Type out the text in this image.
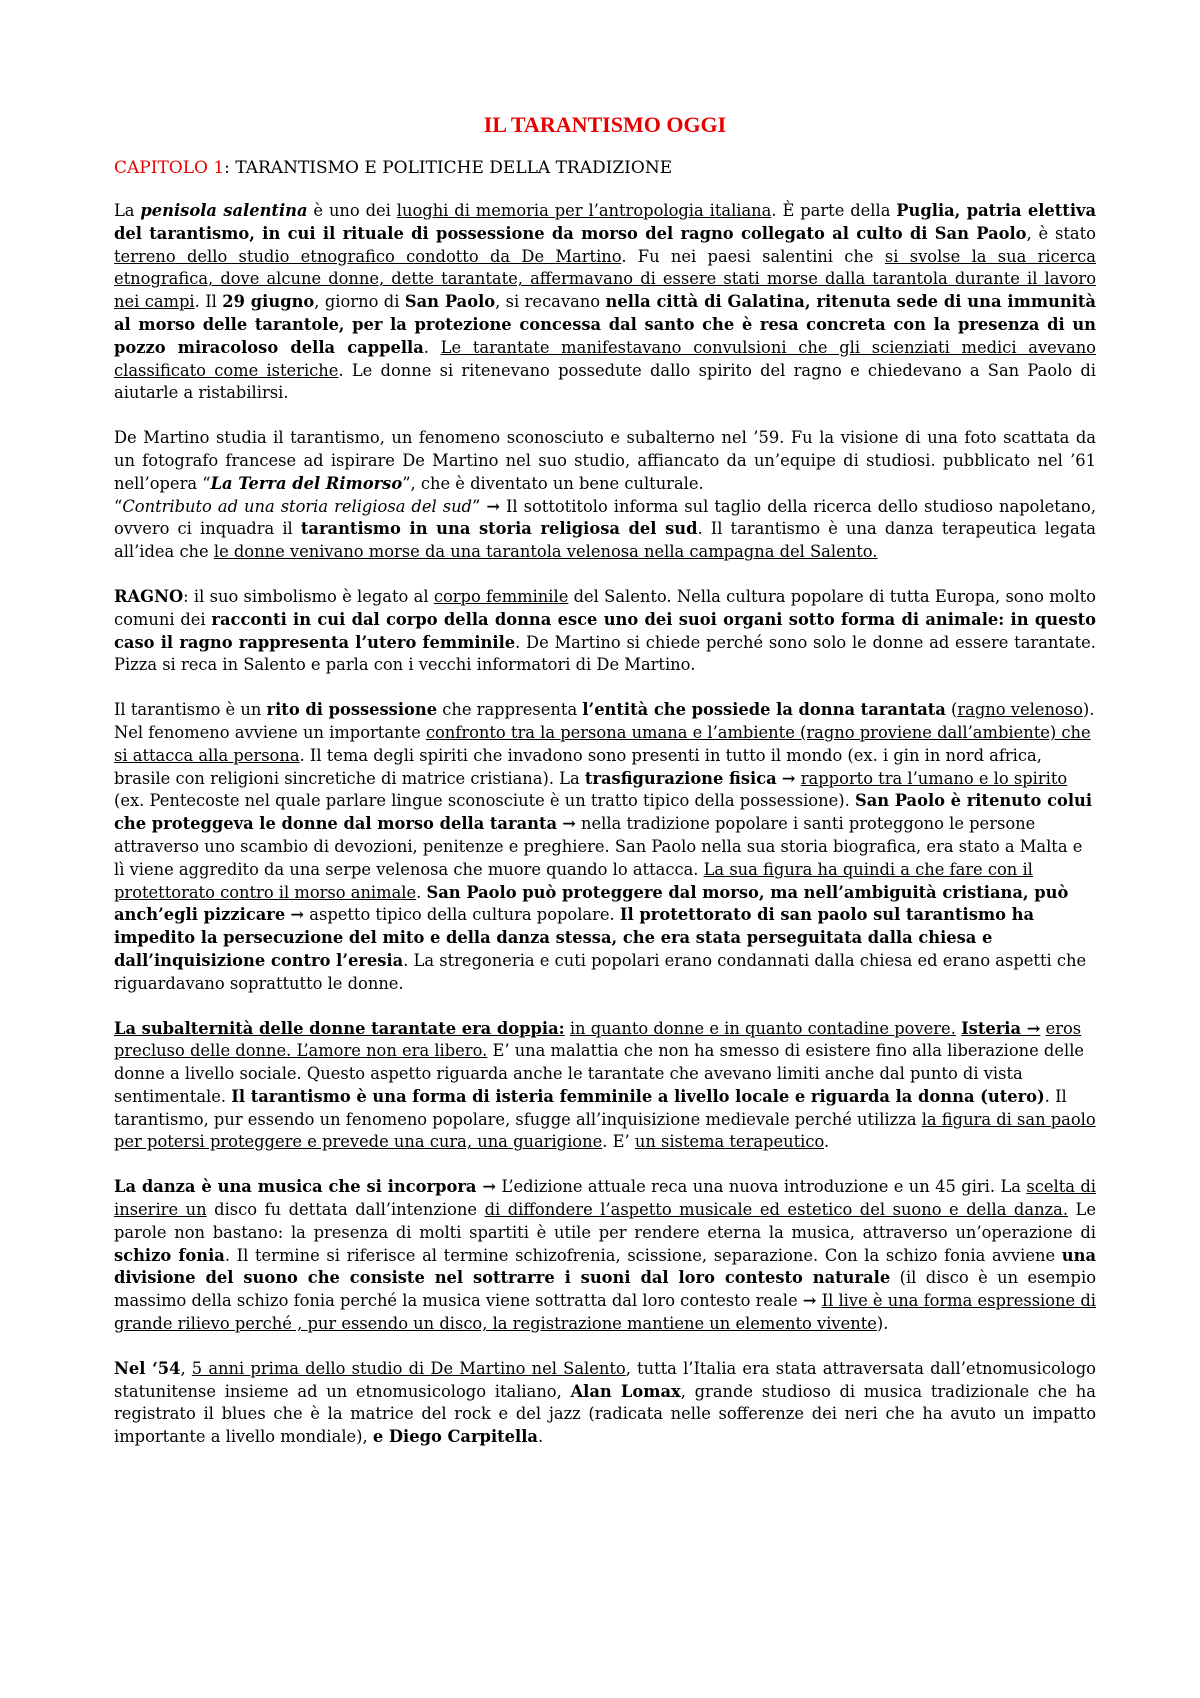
IL TARANTISMO OGGI
CAPITOLO 1: TARANTISMO E POLITICHE DELLA TRADIZIONE

La penisola salentina è uno dei luoghi di memoria per l’antropologia italiana. È parte della Puglia, patria elettiva del tarantismo, in cui il rituale di possessione da morso del ragno collegato al culto di San Paolo, è stato terreno dello studio etnografico condotto da De Martino. Fu nei paesi salentini che si svolse la sua ricerca etnografica, dove alcune donne, dette tarantate, affermavano di essere stati morse dalla tarantola durante il lavoro nei campi. Il 29 giugno, giorno di San Paolo, si recavano nella città di Galatina, ritenuta sede di una immunità al morso delle tarantole, per la protezione concessa dal santo che è resa concreta con la presenza di un pozzo miracoloso della cappella. Le tarantate manifestavano convulsioni che gli scienziati medici avevano classificato come isteriche. Le donne si ritenevano possedute dallo spirito del ragno e chiedevano a San Paolo di aiutarle a ristabilirsi.

De Martino studia il tarantismo, un fenomeno sconosciuto e subalterno nel ’59. Fu la visione di una foto scattata da un fotografo francese ad ispirare De Martino nel suo studio, affiancato da un’equipe di studiosi. pubblicato nel ’61 nell’opera “La Terra del Rimorso”, che è diventato un bene culturale.
“Contributo ad una storia religiosa del sud” → Il sottotitolo informa sul taglio della ricerca dello studioso napoletano, ovvero ci inquadra il tarantismo in una storia religiosa del sud. Il tarantismo è una danza terapeutica legata all’idea che le donne venivano morse da una tarantola velenosa nella campagna del Salento.

RAGNO: il suo simbolismo è legato al corpo femminile del Salento. Nella cultura popolare di tutta Europa, sono molto comuni dei racconti in cui dal corpo della donna esce uno dei suoi organi sotto forma di animale: in questo caso il ragno rappresenta l’utero femminile. De Martino si chiede perché sono solo le donne ad essere tarantate. Pizza si reca in Salento e parla con i vecchi informatori di De Martino.

Il tarantismo è un rito di possessione che rappresenta l’entità che possiede la donna tarantata (ragno velenoso). Nel fenomeno avviene un importante confronto tra la persona umana e l’ambiente (ragno proviene dall’ambiente) che si attacca alla persona. Il tema degli spiriti che invadono sono presenti in tutto il mondo (ex. i gin in nord africa, brasile con religioni sincretiche di matrice cristiana). La trasfigurazione fisica → rapporto tra l’umano e lo spirito (ex. Pentecoste nel quale parlare lingue sconosciute è un tratto tipico della possessione). San Paolo è ritenuto colui che proteggeva le donne dal morso della taranta → nella tradizione popolare i santi proteggono le persone attraverso uno scambio di devozioni, penitenze e preghiere. San Paolo nella sua storia biografica, era stato a Malta e lì viene aggredito da una serpe velenosa che muore quando lo attacca. La sua figura ha quindi a che fare con il protettorato contro il morso animale. San Paolo può proteggere dal morso, ma nell’ambiguità cristiana, può anch’egli pizzicare → aspetto tipico della cultura popolare. Il protettorato di san paolo sul tarantismo ha impedito la persecuzione del mito e della danza stessa, che era stata perseguitata dalla chiesa e dall’inquisizione contro l’eresia. La stregoneria e cuti popolari erano condannati dalla chiesa ed erano aspetti che riguardavano soprattutto le donne.

La subalternità delle donne tarantate era doppia: in quanto donne e in quanto contadine povere. Isteria → eros precluso delle donne. L’amore non era libero. E’ una malattia che non ha smesso di esistere fino alla liberazione delle donne a livello sociale. Questo aspetto riguarda anche le tarantate che avevano limiti anche dal punto di vista sentimentale. Il tarantismo è una forma di isteria femminile a livello locale e riguarda la donna (utero). Il tarantismo, pur essendo un fenomeno popolare, sfugge all’inquisizione medievale perché utilizza la figura di san paolo per potersi proteggere e prevede una cura, una guarigione. E’ un sistema terapeutico.

La danza è una musica che si incorpora → L’edizione attuale reca una nuova introduzione e un 45 giri. La scelta di inserire un disco fu dettata dall’intenzione di diffondere l’aspetto musicale ed estetico del suono e della danza. Le parole non bastano: la presenza di molti spartiti è utile per rendere eterna la musica, attraverso un’operazione di schizo fonia. Il termine si riferisce al termine schizofrenia, scissione, separazione. Con la schizo fonia avviene una divisione del suono che consiste nel sottrarre i suoni dal loro contesto naturale (il disco è un esempio massimo della schizo fonia perché la musica viene sottratta dal loro contesto reale → Il live è una forma espressione di grande rilievo perché , pur essendo un disco, la registrazione mantiene un elemento vivente).

Nel ‘54, 5 anni prima dello studio di De Martino nel Salento, tutta l’Italia era stata attraversata dall’etnomusicologo statunitense insieme ad un etnomusicologo italiano, Alan Lomax, grande studioso di musica tradizionale che ha registrato il blues che è la matrice del rock e del jazz (radicata nelle sofferenze dei neri che ha avuto un impatto importante a livello mondiale), e Diego Carpitella.
